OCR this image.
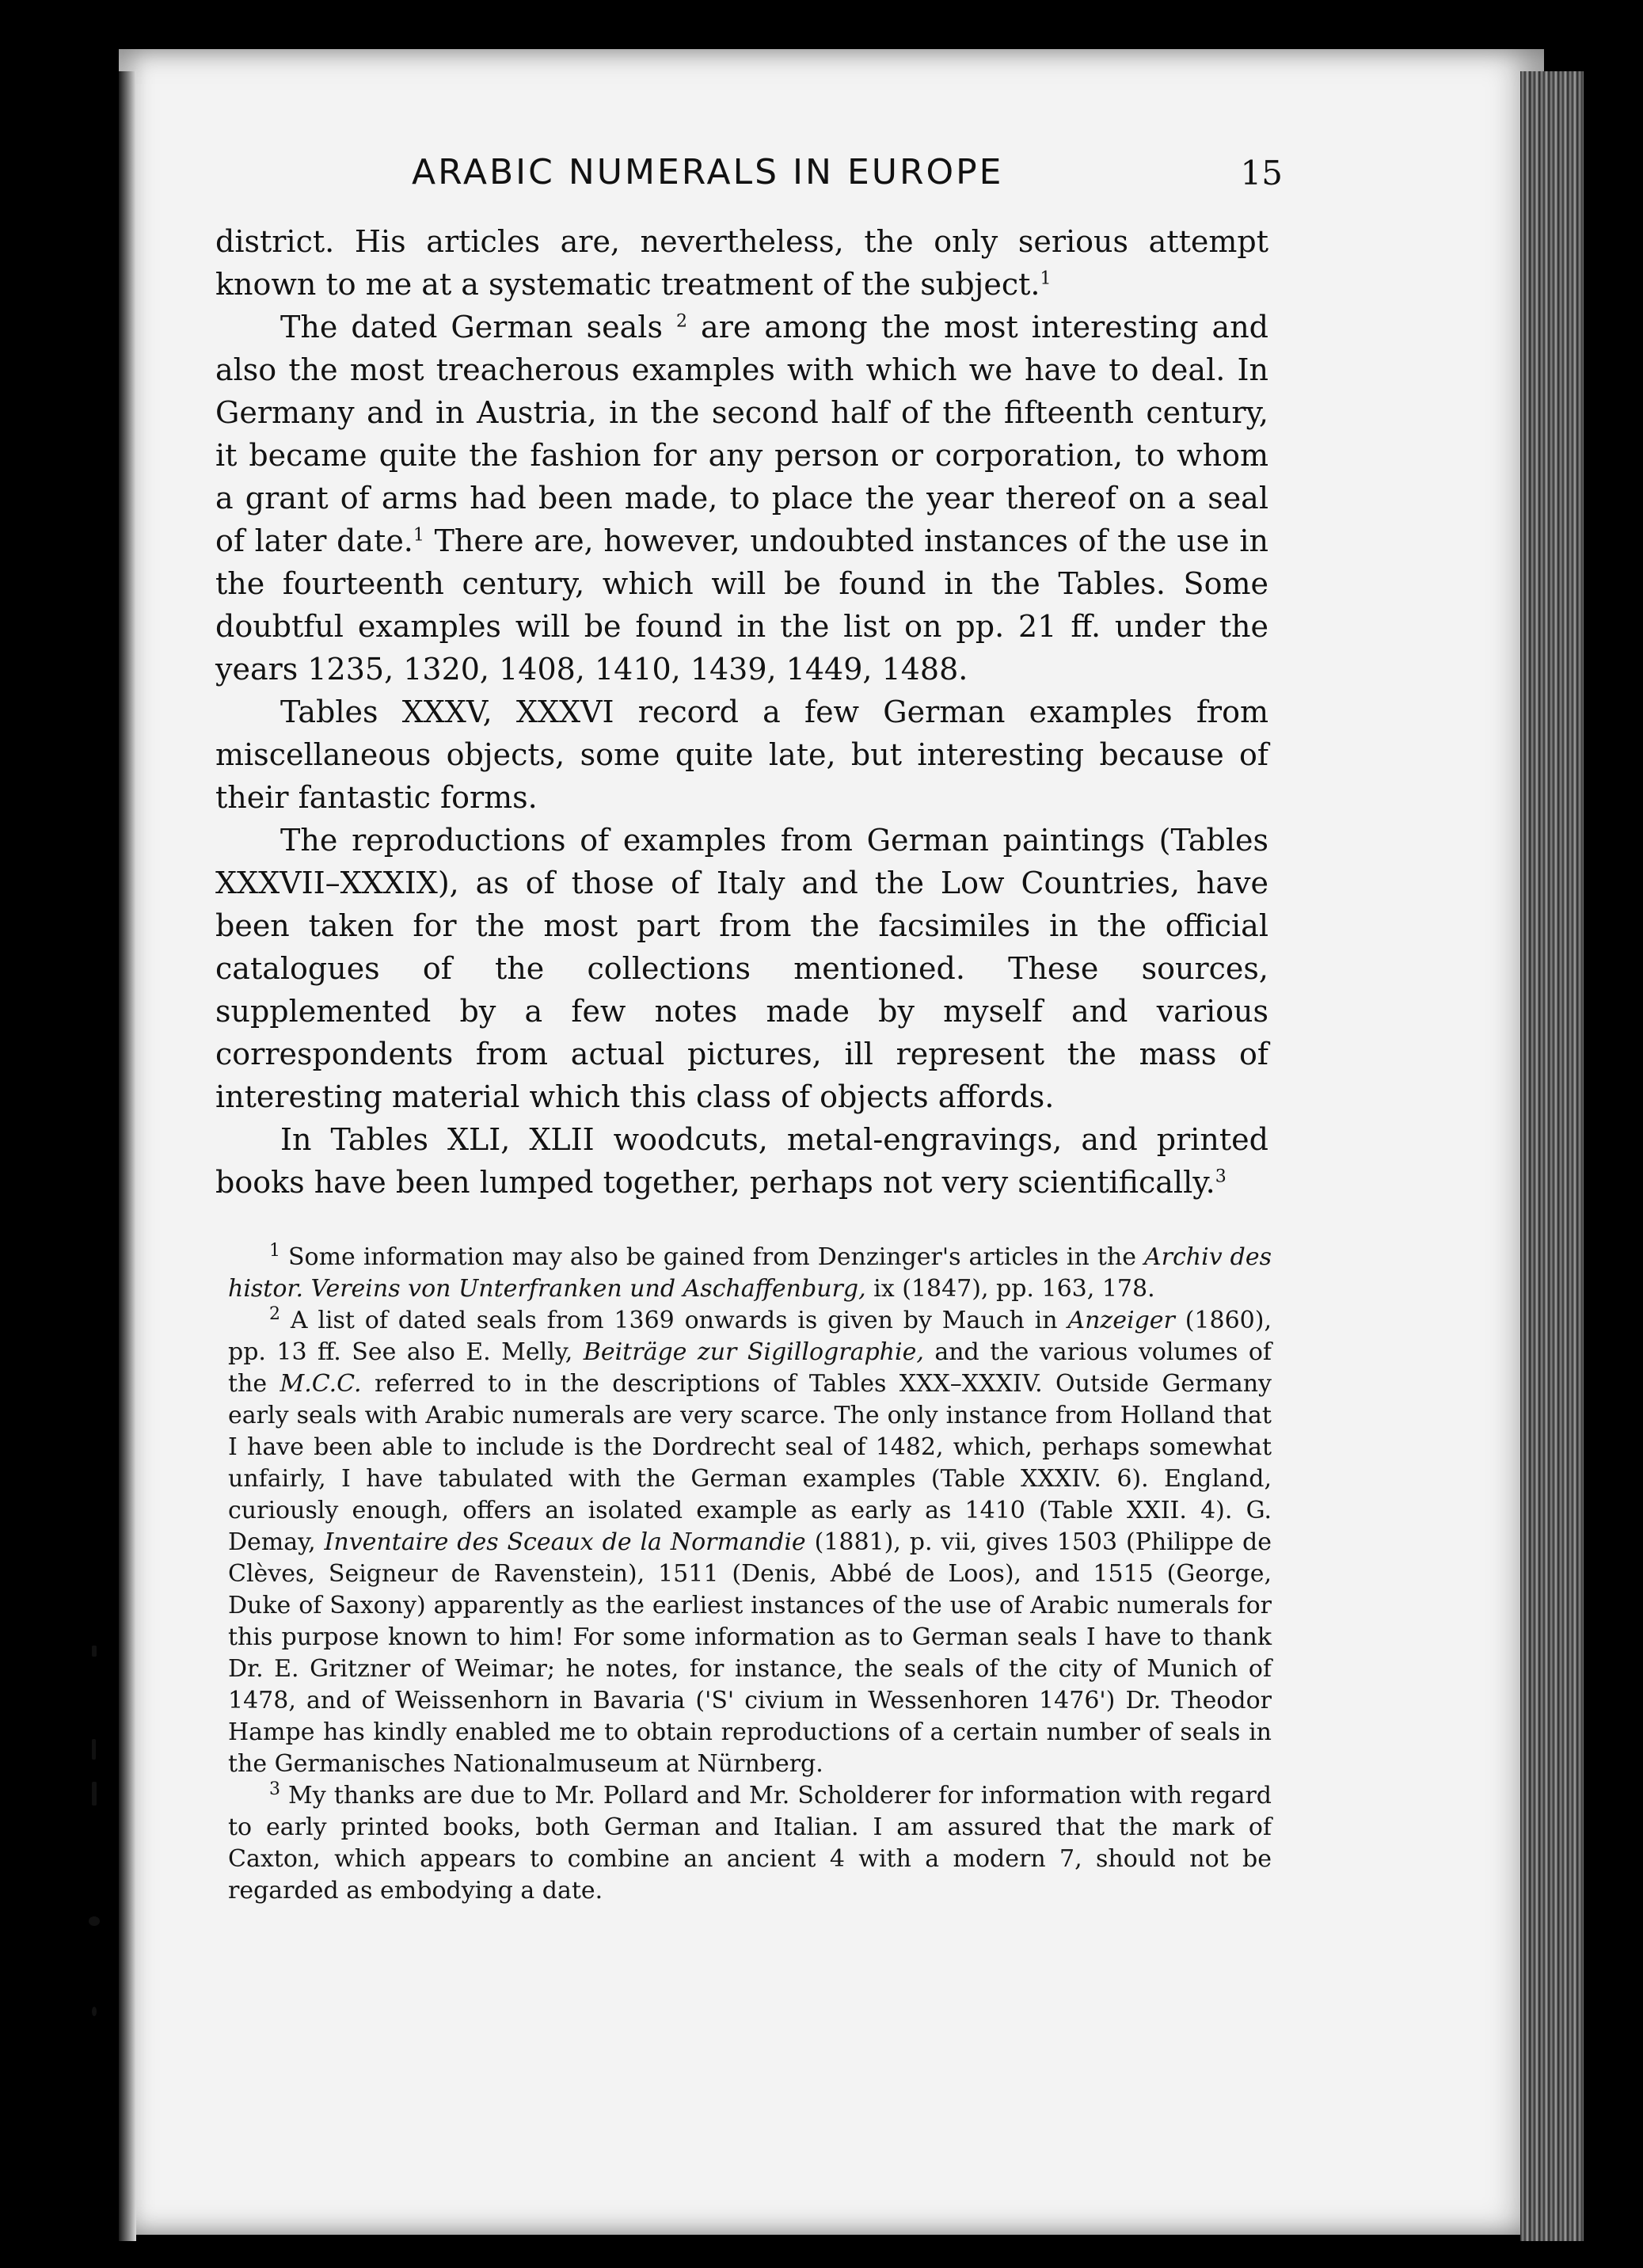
ARABIC NUMERALS IN EUROPE	15

district. His articles are, nevertheless, the only serious attempt known to me at a systematic treatment of the subject.$^1$

The dated German seals $^2$ are among the most interesting and also the most treacherous examples with which we have to deal. In Germany and in Austria, in the second half of the fifteenth century, it became quite the fashion for any person or corporation, to whom a grant of arms had been made, to place the year thereof on a seal of later date.$^1$ There are, however, undoubted instances of the use in the fourteenth century, which will be found in the Tables. Some doubtful examples will be found in the list on pp. 21 ff. under the years 1235, 1320, 1408, 1410, 1439, 1449, 1488.

Tables XXXV, XXXVI record a few German examples from miscellaneous objects, some quite late, but interesting because of their fantastic forms.

The reproductions of examples from German paintings (Tables XXXVII–XXXIX), as of those of Italy and the Low Countries, have been taken for the most part from the facsimiles in the official catalogues of the collections mentioned. These sources, supplemented by a few notes made by myself and various correspondents from actual pictures, ill represent the mass of interesting material which this class of objects affords.

In Tables XLI, XLII woodcuts, metal-engravings, and printed books have been lumped together, perhaps not very scientifically.$^3$

$^1$ Some information may also be gained from Denzinger's articles in the Archiv des histor. Vereins von Unterfranken und Aschaffenburg, ix (1847), pp. 163, 178.

$^2$ A list of dated seals from 1369 onwards is given by Mauch in Anzeiger (1860), pp. 13 ff. See also E. Melly, Beiträge zur Sigillographie, and the various volumes of the M.C.C. referred to in the descriptions of Tables XXX–XXXIV. Outside Germany early seals with Arabic numerals are very scarce. The only instance from Holland that I have been able to include is the Dordrecht seal of 1482, which, perhaps somewhat unfairly, I have tabulated with the German examples (Table XXXIV. 6). England, curiously enough, offers an isolated example as early as 1410 (Table XXII. 4). G. Demay, Inventaire des Sceaux de la Normandie (1881), p. vii, gives 1503 (Philippe de Clèves, Seigneur de Ravenstein), 1511 (Denis, Abbé de Loos), and 1515 (George, Duke of Saxony) apparently as the earliest instances of the use of Arabic numerals for this purpose known to him! For some information as to German seals I have to thank Dr. E. Gritzner of Weimar; he notes, for instance, the seals of the city of Munich of 1478, and of Weissenhorn in Bavaria ('S' civium in Wessenhoren 1476') Dr. Theodor Hampe has kindly enabled me to obtain reproductions of a certain number of seals in the Germanisches Nationalmuseum at Nürnberg.

$^3$ My thanks are due to Mr. Pollard and Mr. Scholderer for information with regard to early printed books, both German and Italian. I am assured that the mark of Caxton, which appears to combine an ancient 4 with a modern 7, should not be regarded as embodying a date.
